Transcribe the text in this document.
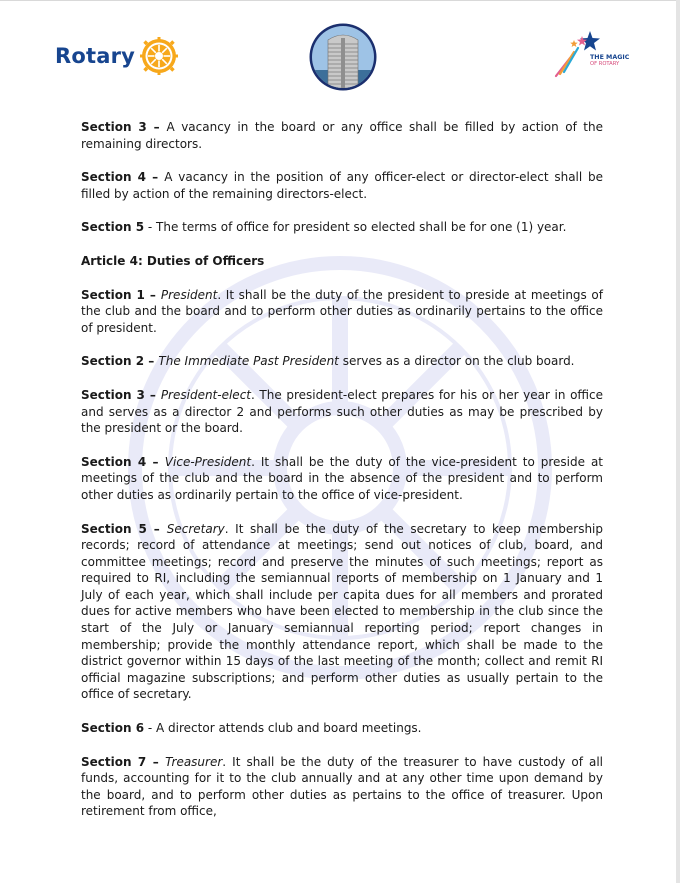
Rotary	THE MAGIC
OF ROTARY

Section 3 – A vacancy in the board or any office shall be filled by action of the remaining directors.

Section 4 – A vacancy in the position of any officer-elect or director-elect shall be filled by action of the remaining directors-elect.

Section 5 - The terms of office for president so elected shall be for one (1) year.

Article 4: Duties of Officers

Section 1 – President. It shall be the duty of the president to preside at meetings of the club and the board and to perform other duties as ordinarily pertains to the office of president.

Section 2 – The Immediate Past President serves as a director on the club board.

Section 3 – President-elect. The president-elect prepares for his or her year in office and serves as a director 2 and performs such other duties as may be prescribed by the president or the board.

Section 4 – Vice-President. It shall be the duty of the vice-president to preside at meetings of the club and the board in the absence of the president and to perform other duties as ordinarily pertain to the office of vice-president.

Section 5 – Secretary. It shall be the duty of the secretary to keep membership records; record of attendance at meetings; send out notices of club, board, and committee meetings; record and preserve the minutes of such meetings; report as required to RI, including the semiannual reports of membership on 1 January and 1 July of each year, which shall include per capita dues for all members and prorated dues for active members who have been elected to membership in the club since the start of the July or January semiannual reporting period; report changes in membership; provide the monthly attendance report, which shall be made to the district governor within 15 days of the last meeting of the month; collect and remit RI official magazine subscriptions; and perform other duties as usually pertain to the office of secretary.

Section 6 - A director attends club and board meetings.

Section 7 – Treasurer. It shall be the duty of the treasurer to have custody of all funds, accounting for it to the club annually and at any other time upon demand by the board, and to perform other duties as pertains to the office of treasurer. Upon retirement from office,
